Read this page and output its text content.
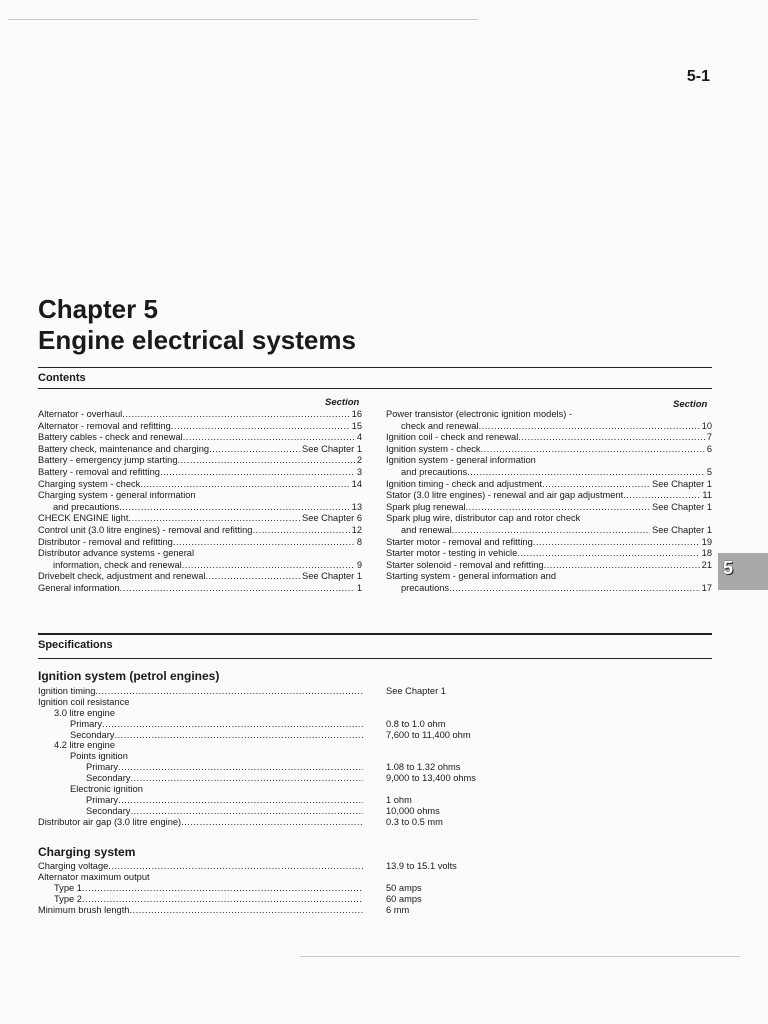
5-1
Chapter 5
Engine electrical systems
Contents
Section	Section
Alternator - overhaul .....	16
Alternator - removal and refitting .....	15
Battery cables - check and renewal .....	4
Battery check, maintenance and charging .....	See Chapter 1
Battery - emergency jump starting .....	2
Battery - removal and refitting .....	3
Charging system - check .....	14
Charging system - general information
and precautions .....	13
CHECK ENGINE light .....	See Chapter 6
Control unit (3.0 litre engines) - removal and refitting .....	12
Distributor - removal and refitting .....	8
Distributor advance systems - general
information, check and renewal .....	9
Drivebelt check, adjustment and renewal .....	See Chapter 1
General information .....	1
Power transistor (electronic ignition models) -
check and renewal .....	10
Ignition coil - check and renewal .....	7
Ignition system - check .....	6
Ignition system - general information
and precautions .....	5
Ignition timing - check and adjustment .....	See Chapter 1
Stator (3.0 litre engines) - renewal and air gap adjustment .....	11
Spark plug renewal .....	See Chapter 1
Spark plug wire, distributor cap and rotor check
and renewal .....	See Chapter 1
Starter motor - removal and refitting .....	19
Starter motor - testing in vehicle .....	18
Starter solenoid - removal and refitting .....	21
Starting system - general information and
precautions .....	17
5
Specifications
Ignition system (petrol engines)
Ignition timing .....	See Chapter 1
Ignition coil resistance
3.0 litre engine
Primary .....	0.8 to 1.0 ohm
Secondary .....	7,600 to 11,400 ohm
4.2 litre engine
Points ignition
Primary .....	1.08 to 1.32 ohms
Secondary .....	9,000 to 13,400 ohms
Electronic ignition
Primary .....	1 ohm
Secondary .....	10,000 ohms
Distributor air gap (3.0 litre engine) .....	0.3 to 0.5 mm
Charging system
Charging voltage .....	13.9 to 15.1 volts
Alternator maximum output
Type 1 .....	50 amps
Type 2 .....	60 amps
Minimum brush length .....	6 mm
